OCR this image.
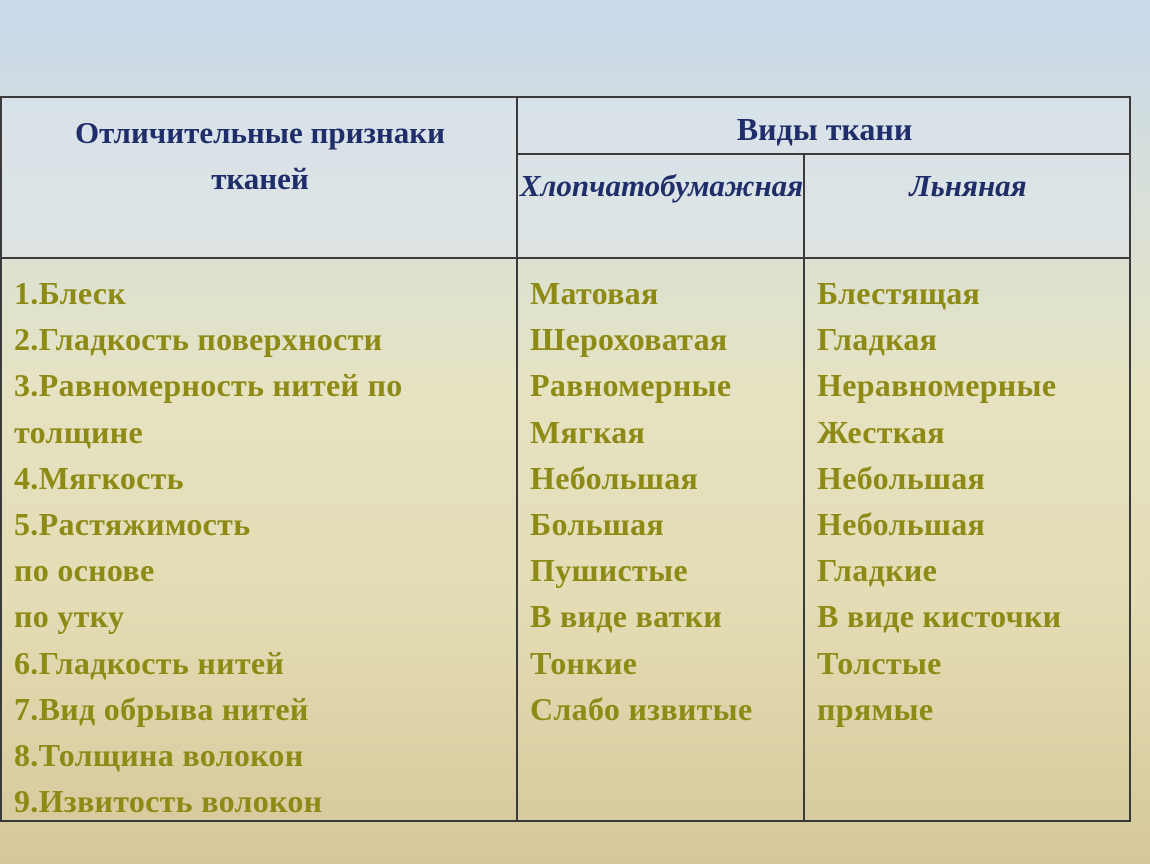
Отличительные признаки
тканей
Виды ткани
Хлопчатобумажная	Льняная
1.Блеск
2.Гладкость поверхности
3.Равномерность нитей по
толщине
4.Мягкость
5.Растяжимость
по основе
по утку
6.Гладкость нитей
7.Вид обрыва нитей
8.Толщина волокон
9.Извитость волокон
Матовая
Шероховатая
Равномерные
Мягкая
Небольшая
Большая
Пушистые
В виде ватки
Тонкие
Слабо извитые
Блестящая
Гладкая
Неравномерные
Жесткая
Небольшая
Небольшая
Гладкие
В виде кисточки
Толстые
прямые
